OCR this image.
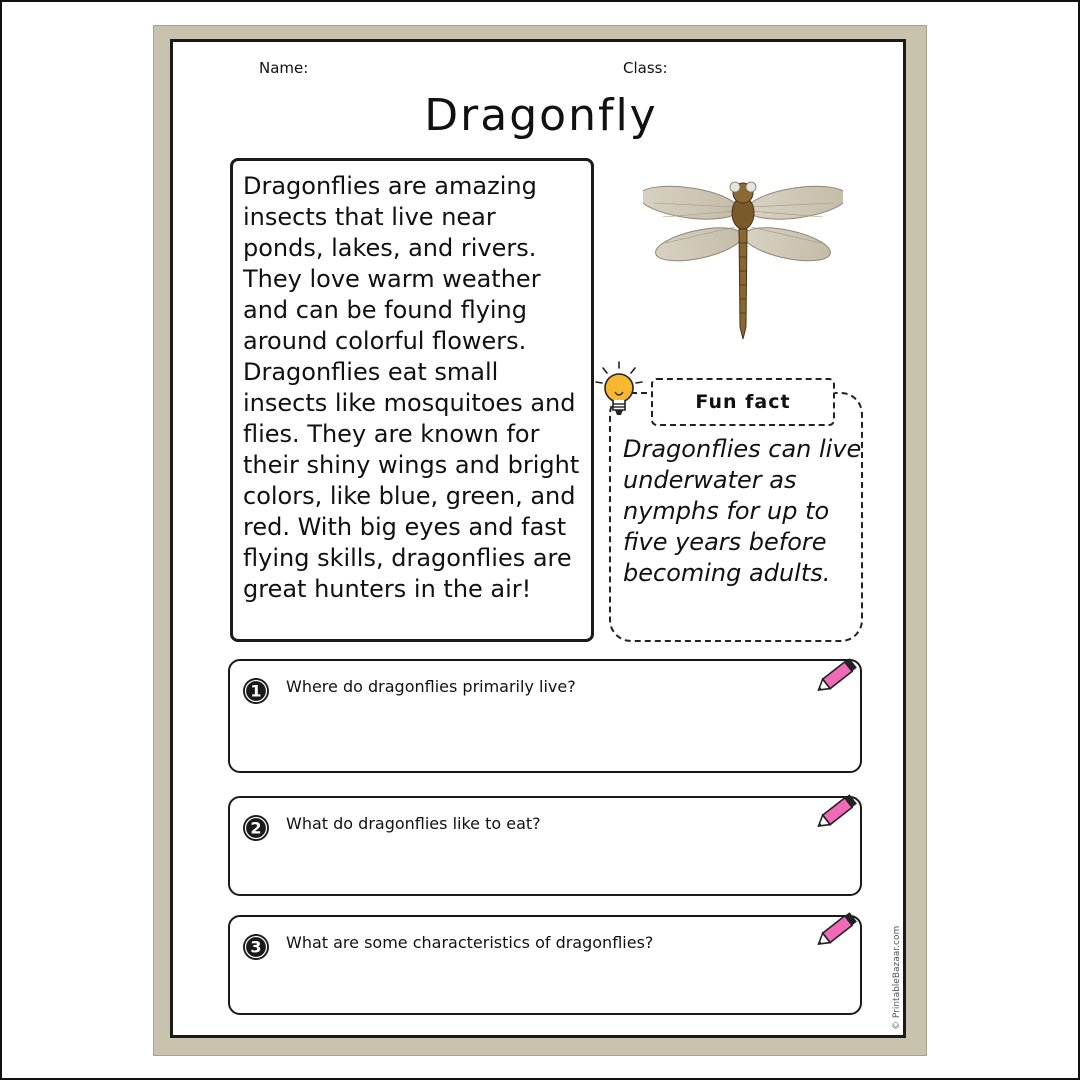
Name:	Class:
Dragonfly

Dragonflies are amazing insects that live near ponds, lakes, and rivers. They love warm weather and can be found flying around colorful flowers. Dragonflies eat small insects like mosquitoes and flies. They are known for their shiny wings and bright colors, like blue, green, and red. With big eyes and fast flying skills, dragonflies are great hunters in the air!

Fun fact

Dragonflies can live underwater as nymphs for up to five years before becoming adults.

1 Where do dragonflies primarily live?
2 What do dragonflies like to eat?
3 What are some characteristics of dragonflies?	© PrintableBazaar.com
